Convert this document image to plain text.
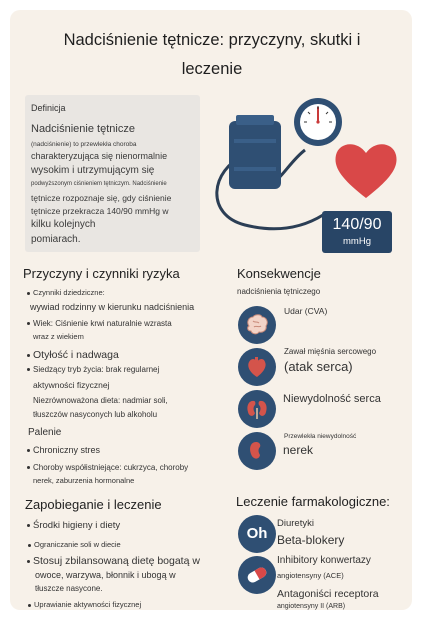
Nadciśnienie tętnicze: przyczyny, skutki i
leczenie
Definicja
Nadciśnienie tętnicze
(nadciśnienie) to przewlekła choroba
charakteryzująca się nienormalnie
wysokim i utrzymującym się
podwyższonym ciśnieniem tętniczym. Nadciśnienie
tętnicze rozpoznaje się, gdy ciśnienie
tętnicze przekracza 140/90 mmHg w
kilku kolejnych
pomiarach.
140/90
mmHg
Przyczyny i czynniki ryzyka
Czynniki dziedziczne:
wywiad rodzinny w kierunku nadciśnienia
Wiek: Ciśnienie krwi naturalnie wzrasta
wraz z wiekiem
Otyłość i nadwaga
Siedzący tryb życia: brak regularnej
aktywności fizycznej
Niezrównoważona dieta: nadmiar soli,
tłuszczów nasyconych lub alkoholu
Palenie
Chroniczny stres
Choroby współistniejące: cukrzyca, choroby
nerek, zaburzenia hormonalne
Konsekwencje
nadciśnienia tętniczego
Udar (CVA)
Zawał mięśnia sercowego
(atak serca)
Niewydolność serca
Przewlekła niewydolność
nerek
Zapobieganie i leczenie
Środki higieny i diety
Ograniczanie soli w diecie
Stosuj zbilansowaną dietę bogatą w
owoce, warzywa, błonnik i ubogą w
tłuszcze nasycone.
Uprawianie aktywności fizycznej
Leczenie farmakologiczne:
Oh
Diuretyki
Beta-blokery
Inhibitory konwertazy
angiotensyny (ACE)
Antagoniści receptora
angiotensyny II (ARB)
